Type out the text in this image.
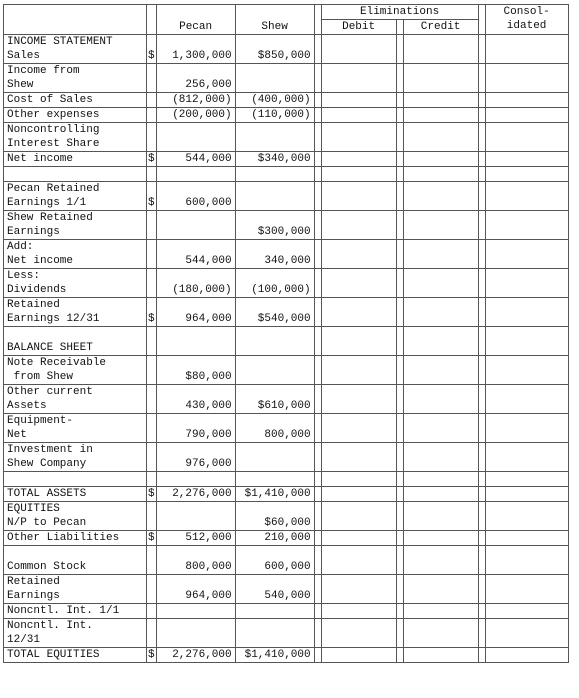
		Pecan	Shew		Eliminations				Consol-
idated
					Debit		Credit		
INCOME STATEMENT
Sales	$	1,300,000	$850,000						
Income from
Shew		256,000							
Cost of Sales		(812,000)	(400,000)						
Other expenses		(200,000)	(110,000)						
Noncontrolling
Interest Share									
Net income	$	544,000	$340,000						

Pecan Retained
Earnings 1/1	$	600,000							
Shew Retained
Earnings			$300,000						
Add:
Net income		544,000	340,000						
Less:
Dividends		(180,000)	(100,000)						
Retained
Earnings 12/31	$	964,000	$540,000						

BALANCE SHEET									
Note Receivable
from Shew		$80,000							
Other current
Assets		430,000	$610,000						
Equipment-
Net		790,000	800,000						
Investment in
Shew Company		976,000							

TOTAL ASSETS	$	2,276,000	$1,410,000						
EQUITIES
N/P to Pecan			$60,000						
Other Liabilities	$	512,000	210,000						

Common Stock		800,000	600,000						
Retained
Earnings		964,000	540,000						
Noncntl. Int. 1/1									
Noncntl. Int.
12/31									
TOTAL EQUITIES	$	2,276,000	$1,410,000						
